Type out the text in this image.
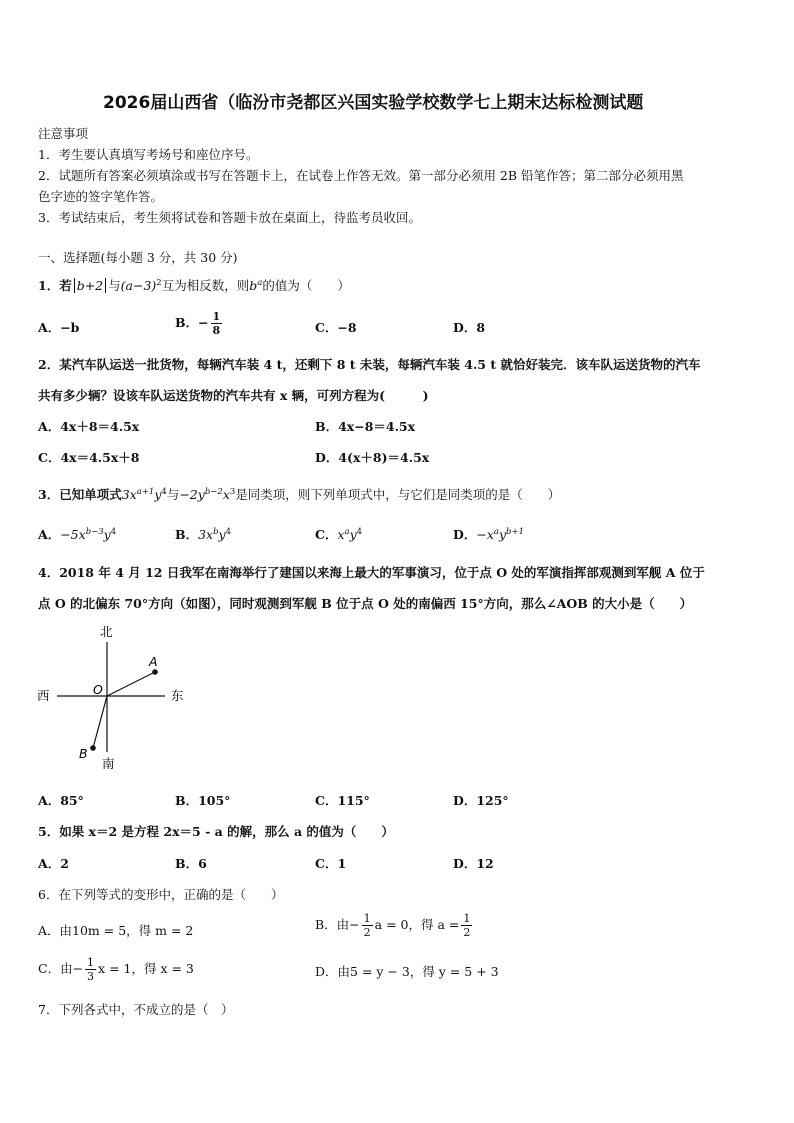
2026届山西省（临汾市尧都区兴国实验学校数学七上期末达标检测试题
注意事项
1．考生要认真填写考场号和座位序号。
2．试题所有答案必须填涂或书写在答题卡上，在试卷上作答无效。第一部分必须用 2B 铅笔作答；第二部分必须用黑
色字迹的签字笔作答。
3．考试结束后，考生须将试卷和答题卡放在桌面上，待监考员收回。
一、选择题(每小题 3 分，共 30 分)
1．若 b+2 与$(a-3)^2$互为相反数，则$b^a$的值为（　　）
A．−b	B．− $\frac{1}{8}$	C．−8	D．8
2．某汽车队运送一批货物，每辆汽车装 4 t，还剩下 8 t 未装，每辆汽车装 4.5 t 就恰好装完．该车队运送货物的汽车
共有多少辆？设该车队运送货物的汽车共有 x 辆，可列方程为(　　　)
A．4x＋8＝4.5x	B．4x−8＝4.5x
C．4x＝4.5x＋8	D．4(x＋8)＝4.5x
3．已知单项式$3x^{a+1}y^4$与$-2y^{b-2}x^3$是同类项，则下列单项式中，与它们是同类项的是（　　）
A．$-5x^{b-3}y^4$	B．$3x^by^4$	C．$x^ay^4$	D．$-x^ay^{b+1}$
4．2018 年 4 月 12 日我军在南海举行了建国以来海上最大的军事演习，位于点 O 处的军演指挥部观测到军舰 A 位于
点 O 的北偏东 70°方向（如图），同时观测到军舰 B 位于点 O 处的南偏西 15°方向，那么∠AOB 的大小是（　　）
北
南
西	东
O
A
B
A．85°	B．105°	C．115°	D．125°
5．如果 x＝2 是方程 2x＝5 - a 的解，那么 a 的值为（　　）
A．2	B．6	C．1	D．12
6．在下列等式的变形中，正确的是（　　）
A．由10m = 5，得 m = 2	B．由− $\frac{1}{2}$ a = 0，得 $a = \frac{1}{2}$
C．由− $\frac{1}{3}$ x = 1，得 x = 3	D．由5 = y − 3，得 y = 5 + 3
7．下列各式中，不成立的是（　）
